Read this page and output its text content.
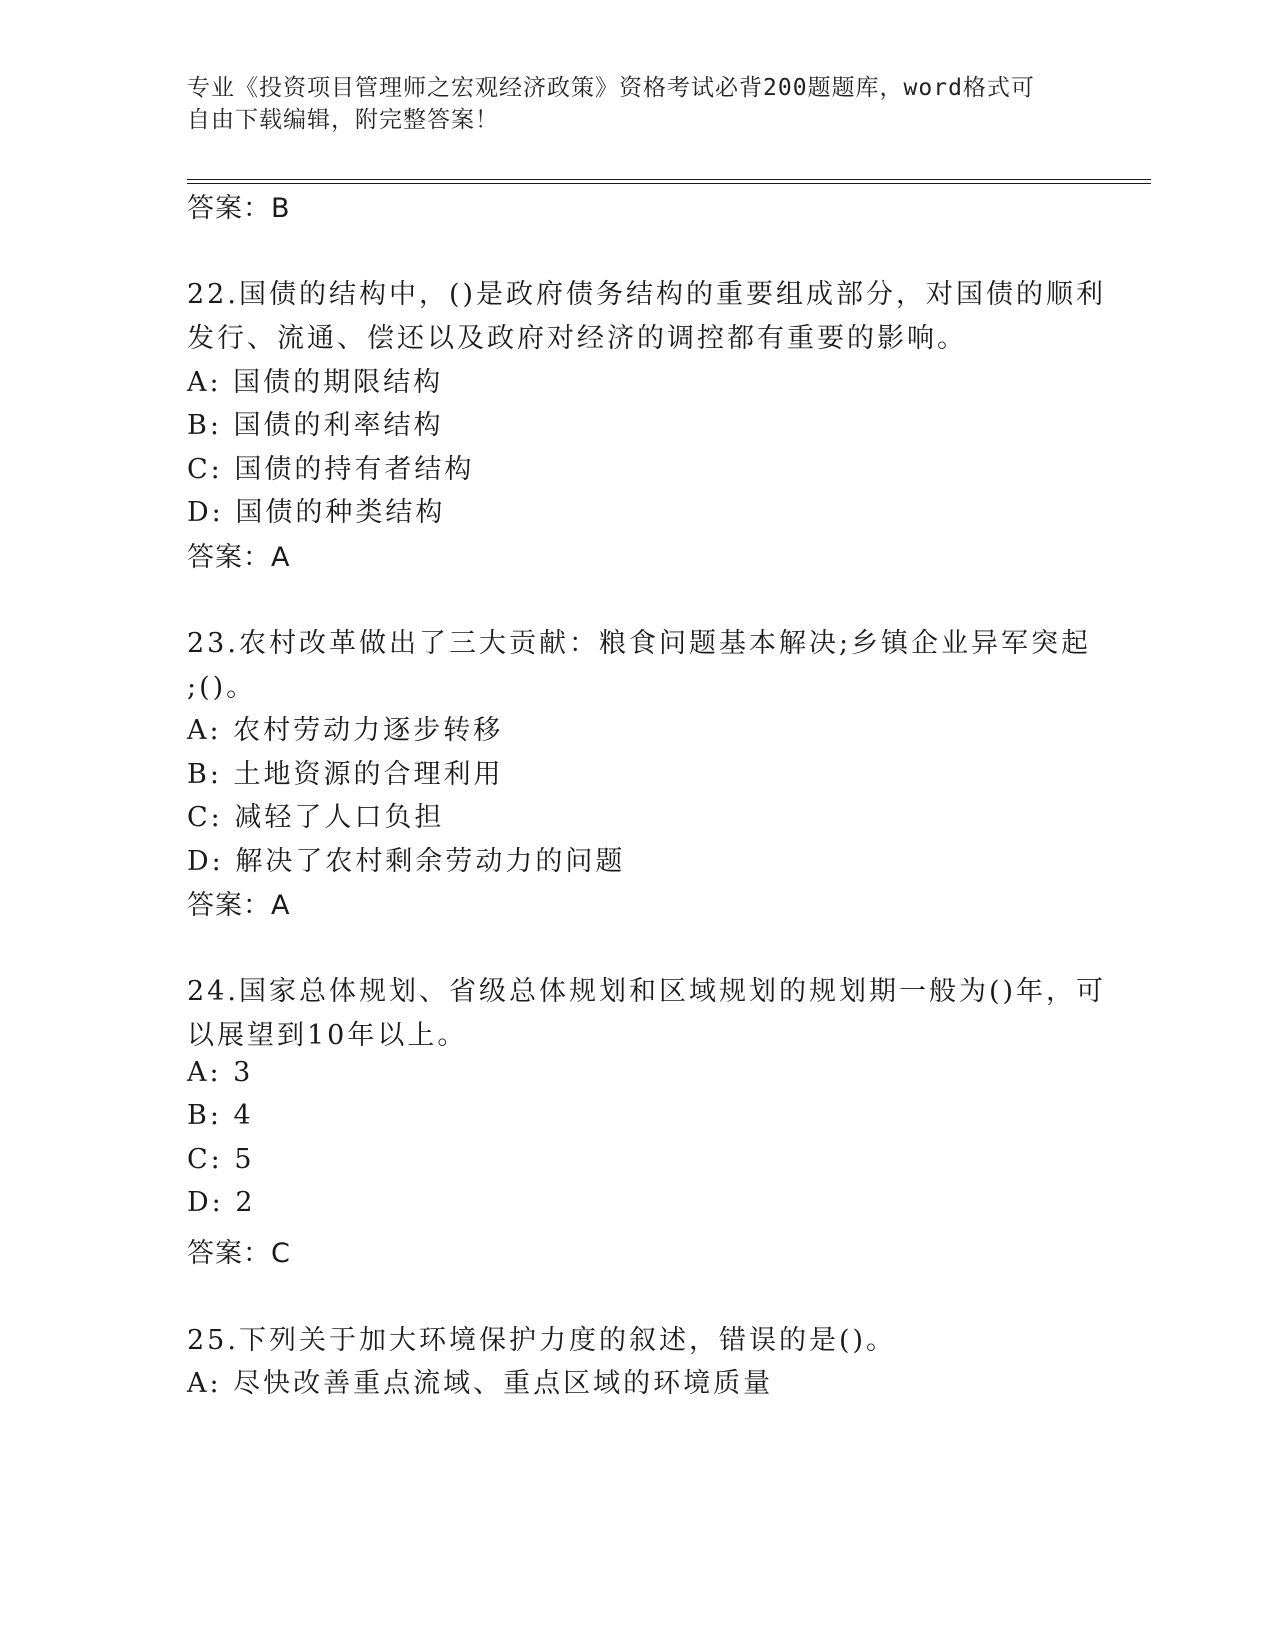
专业《投资项目管理师之宏观经济政策》资格考试必背200题题库，word格式可
自由下载编辑，附完整答案！
答案：B
22.国债的结构中，()是政府债务结构的重要组成部分，对国债的顺利
发行、流通、偿还以及政府对经济的调控都有重要的影响。
A: 国债的期限结构
B: 国债的利率结构
C: 国债的持有者结构
D: 国债的种类结构
答案：A
23.农村改革做出了三大贡献：粮食问题基本解决;乡镇企业异军突起
;()。
A: 农村劳动力逐步转移
B: 土地资源的合理利用
C: 减轻了人口负担
D: 解决了农村剩余劳动力的问题
答案：A
24.国家总体规划、省级总体规划和区域规划的规划期一般为()年，可
以展望到10年以上。
A: 3
B: 4
C: 5
D: 2
答案：C
25.下列关于加大环境保护力度的叙述，错误的是()。
A: 尽快改善重点流域、重点区域的环境质量
